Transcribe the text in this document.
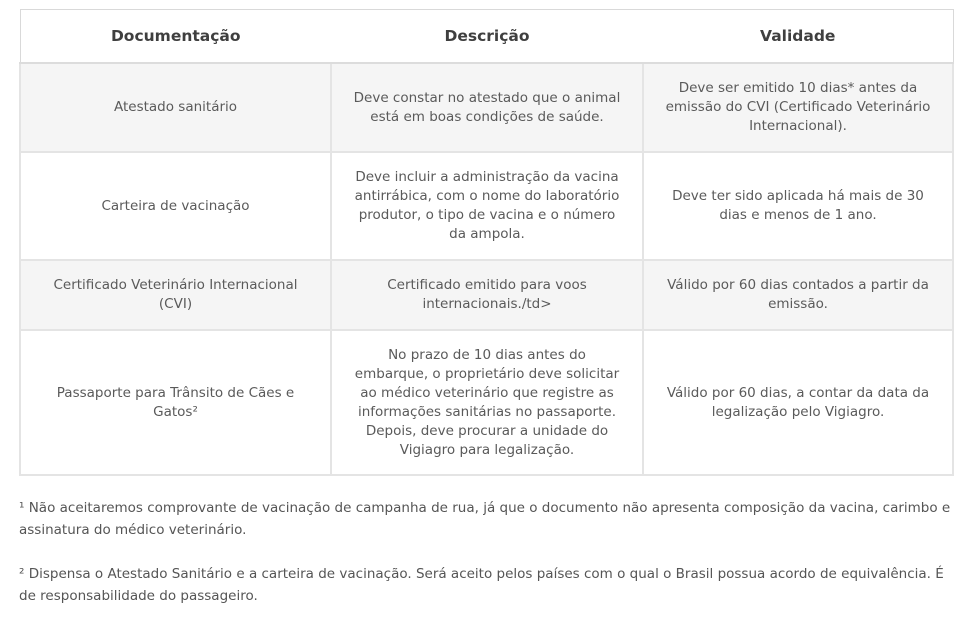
Documentação	Descrição	Validade
Atestado sanitário	Deve constar no atestado que o animal está em boas condições de saúde.	Deve ser emitido 10 dias* antes da emissão do CVI (Certificado Veterinário Internacional).
Carteira de vacinação	Deve incluir a administração da vacina antirrábica, com o nome do laboratório produtor, o tipo de vacina e o número da ampola.	Deve ter sido aplicada há mais de 30 dias e menos de 1 ano.
Certificado Veterinário Internacional (CVI)	Certificado emitido para voos internacionais./td>	Válido por 60 dias contados a partir da emissão.
Passaporte para Trânsito de Cães e Gatos²	No prazo de 10 dias antes do embarque, o proprietário deve solicitar ao médico veterinário que registre as informações sanitárias no passaporte. Depois, deve procurar a unidade do Vigiagro para legalização.	Válido por 60 dias, a contar da data da legalização pelo Vigiagro.

¹ Não aceitaremos comprovante de vacinação de campanha de rua, já que o documento não apresenta composição da vacina, carimbo e assinatura do médico veterinário.

² Dispensa o Atestado Sanitário e a carteira de vacinação. Será aceito pelos países com o qual o Brasil possua acordo de equivalência. É de responsabilidade do passageiro.
